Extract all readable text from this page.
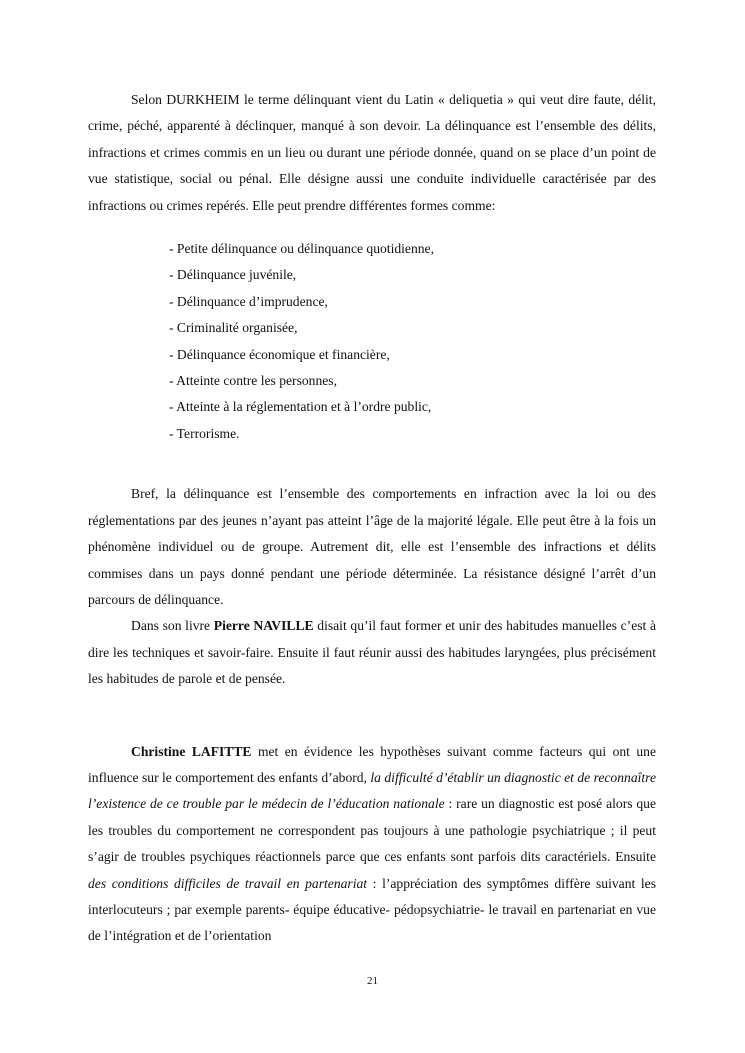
Selon DURKHEIM le terme délinquant vient du Latin « deliquetia » qui veut dire faute, délit, crime, péché, apparenté à déclinquer, manqué à son devoir. La délinquance est l’ensemble des délits, infractions et crimes commis en un lieu ou durant une période donnée, quand on se place d’un point de vue statistique, social ou pénal. Elle désigne aussi une conduite individuelle caractérisée par des infractions ou crimes repérés. Elle peut prendre différentes formes comme:

- Petite délinquance ou délinquance quotidienne,
- Délinquance juvénile,
- Délinquance d’imprudence,
- Criminalité organisée,
- Délinquance économique et financière,
- Atteinte contre les personnes,
- Atteinte à la réglementation et à l’ordre public,
- Terrorisme.

Bref, la délinquance est l’ensemble des comportements en infraction avec la loi ou des réglementations par des jeunes n’ayant pas atteint l’âge de la majorité légale. Elle peut être à la fois un phénomène individuel ou de groupe. Autrement dit, elle est l’ensemble des infractions et délits commises dans un pays donné pendant une période déterminée. La résistance désigné l’arrêt d’un parcours de délinquance.

Dans son livre Pierre NAVILLE disait qu’il faut former et unir des habitudes manuelles c’est à dire les techniques et savoir-faire. Ensuite il faut réunir aussi des habitudes laryngées, plus précisément les habitudes de parole et de pensée.

Christine LAFITTE met en évidence les hypothèses suivant comme facteurs qui ont une influence sur le comportement des enfants d’abord, la difficulté d’établir un diagnostic et de reconnaître l’existence de ce trouble par le médecin de l’éducation nationale : rare un diagnostic est posé alors que les troubles du comportement ne correspondent pas toujours à une pathologie psychiatrique ; il peut s’agir de troubles psychiques réactionnels parce que ces enfants sont parfois dits caractériels. Ensuite des conditions difficiles de travail en partenariat : l’appréciation des symptômes diffère suivant les interlocuteurs ; par exemple parents- équipe éducative- pédopsychiatrie- le travail en partenariat en vue de l’intégration et de l’orientation

21
